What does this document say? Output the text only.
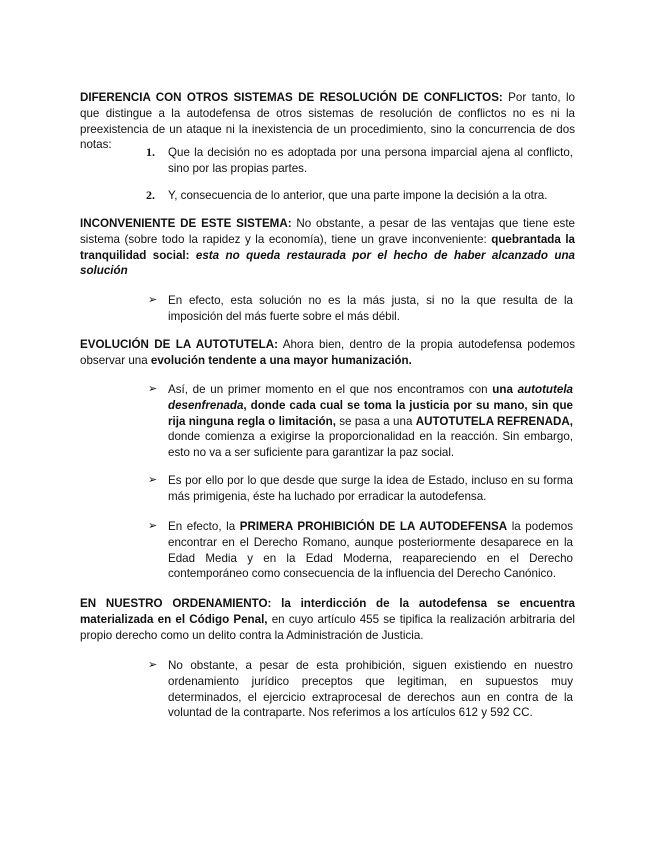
DIFERENCIA CON OTROS SISTEMAS DE RESOLUCIÓN DE CONFLICTOS: Por tanto, lo que distingue a la autodefensa de otros sistemas de resolución de conflictos no es ni la preexistencia de un ataque ni la inexistencia de un procedimiento, sino la concurrencia de dos notas:

1. Que la decisión no es adoptada por una persona imparcial ajena al conflicto, sino por las propias partes.

2. Y, consecuencia de lo anterior, que una parte impone la decisión a la otra.

INCONVENIENTE DE ESTE SISTEMA: No obstante, a pesar de las ventajas que tiene este sistema (sobre todo la rapidez y la economía), tiene un grave inconveniente: quebrantada la tranquilidad social: esta no queda restaurada por el hecho de haber alcanzado una solución

➢ En efecto, esta solución no es la más justa, si no la que resulta de la imposición del más fuerte sobre el más débil.

EVOLUCIÓN DE LA AUTOTUTELA: Ahora bien, dentro de la propia autodefensa podemos observar una evolución tendente a una mayor humanización.

➢ Así, de un primer momento en el que nos encontramos con una autotutela desenfrenada, donde cada cual se toma la justicia por su mano, sin que rija ninguna regla o limitación, se pasa a una AUTOTUTELA REFRENADA, donde comienza a exigirse la proporcionalidad en la reacción. Sin embargo, esto no va a ser suficiente para garantizar la paz social.

➢ Es por ello por lo que desde que surge la idea de Estado, incluso en su forma más primigenia, éste ha luchado por erradicar la autodefensa.

➢ En efecto, la PRIMERA PROHIBICIÓN DE LA AUTODEFENSA la podemos encontrar en el Derecho Romano, aunque posteriormente desaparece en la Edad Media y en la Edad Moderna, reapareciendo en el Derecho contemporáneo como consecuencia de la influencia del Derecho Canónico.

EN NUESTRO ORDENAMIENTO: la interdicción de la autodefensa se encuentra materializada en el Código Penal, en cuyo artículo 455 se tipifica la realización arbitraria del propio derecho como un delito contra la Administración de Justicia.

➢ No obstante, a pesar de esta prohibición, siguen existiendo en nuestro ordenamiento jurídico preceptos que legitiman, en supuestos muy determinados, el ejercicio extraprocesal de derechos aun en contra de la voluntad de la contraparte. Nos referimos a los artículos 612 y 592 CC.
